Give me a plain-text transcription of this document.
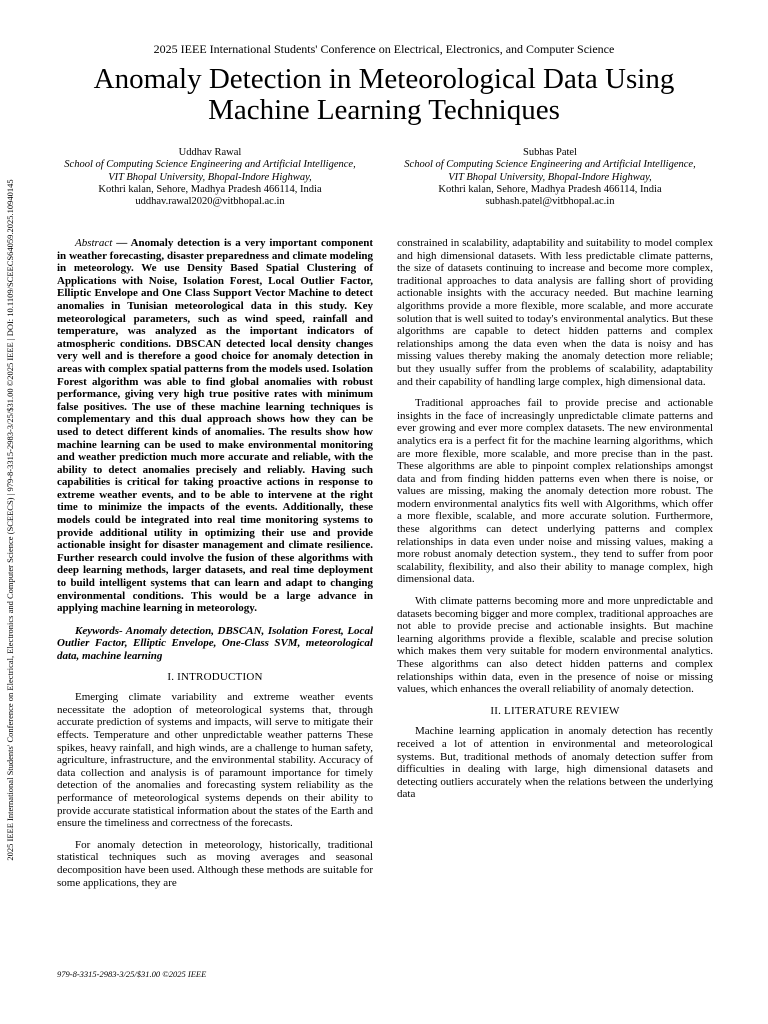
2025 IEEE International Students' Conference on Electrical, Electronics, and Computer Science
Anomaly Detection in Meteorological Data Using
Machine Learning Techniques
Uddhav Rawal
School of Computing Science Engineering and Artificial Intelligence,
VIT Bhopal University, Bhopal-Indore Highway,
Kothri kalan, Sehore, Madhya Pradesh 466114, India
uddhav.rawal2020@vitbhopal.ac.in
Subhas Patel
School of Computing Science Engineering and Artificial Intelligence,
VIT Bhopal University, Bhopal-Indore Highway,
Kothri kalan, Sehore, Madhya Pradesh 466114, India
subhash.patel@vitbhopal.ac.in
2025 IEEE International Students' Conference on Electrical, Electronics and Computer Science (SCEECS) | 979-8-3315-2983-3/25/$31.00 ©2025 IEEE | DOI: 10.1109/SCEECS64059.2025.10940145	Abstract — Anomaly detection is a very important component in weather forecasting, disaster preparedness and climate modeling in meteorology. We use Density Based Spatial Clustering of Applications with Noise, Isolation Forest, Local Outlier Factor, Elliptic Envelope and One Class Support Vector Machine to detect anomalies in Tunisian meteorological data in this study. Key meteorological parameters, such as wind speed, rainfall and temperature, was analyzed as the important indicators of atmospheric conditions. DBSCAN detected local density changes very well and is therefore a good choice for anomaly detection in areas with complex spatial patterns from the models used. Isolation Forest algorithm was able to find global anomalies with robust performance, giving very high true positive rates with minimum false positives. The use of these machine learning techniques is complementary and this dual approach shows how they can be used to detect different kinds of anomalies. The results show how machine learning can be used to make environmental monitoring and weather prediction much more accurate and reliable, with the ability to detect anomalies precisely and reliably. Having such capabilities is critical for taking proactive actions in response to extreme weather events, and to be able to intervene at the right time to minimize the impacts of the events. Additionally, these models could be integrated into real time monitoring systems to provide additional utility in optimizing their use and provide actionable insight for disaster management and climate resilience. Further research could involve the fusion of these algorithms with deep learning methods, larger datasets, and real time deployment to build intelligent systems that can learn and adapt to changing environmental conditions. This would be a large advance in applying machine learning in meteorology.

Keywords- Anomaly detection, DBSCAN, Isolation Forest, Local Outlier Factor, Elliptic Envelope, One-Class SVM, meteorological data, machine learning

I. INTRODUCTION

Emerging climate variability and extreme weather events necessitate the adoption of meteorological systems that, through accurate prediction of systems and impacts, will serve to mitigate their effects. Temperature and other unpredictable weather patterns These spikes, heavy rainfall, and high winds, are a challenge to human safety, agriculture, infrastructure, and the environmental stability. Accuracy of data collection and analysis is of paramount importance for timely detection of the anomalies and forecasting system reliability as the performance of meteorological systems depends on their ability to provide accurate statistical information about the states of the Earth and ensure the timeliness and correctness of the forecasts.

For anomaly detection in meteorology, historically, traditional statistical techniques such as moving averages and seasonal decomposition have been used. Although these methods are suitable for some applications, they are

constrained in scalability, adaptability and suitability to model complex and high dimensional datasets. With less predictable climate patterns, the size of datasets continuing to increase and become more complex, traditional approaches to data analysis are falling short of providing actionable insights with the accuracy needed. But machine learning algorithms provide a more flexible, more scalable, and more accurate solution that is well suited to today's environmental analytics. But these algorithms are capable to detect hidden patterns and complex relationships among the data even when the data is noisy and has missing values thereby making the anomaly detection more reliable; but they usually suffer from the problems of scalability, adaptability and their capability of handling large complex, high dimensional data.

Traditional approaches fail to provide precise and actionable insights in the face of increasingly unpredictable climate patterns and ever growing and ever more complex datasets. The new environmental analytics era is a perfect fit for the machine learning algorithms, which are more flexible, more scalable, and more precise than in the past. These algorithms are able to pinpoint complex relationships amongst data and from finding hidden patterns even when there is noise, or values are missing, making the anomaly detection more robust. The modern environmental analytics fits well with Algorithms, which offer a more flexible, scalable, and more accurate solution. Furthermore, these algorithms can detect underlying patterns and complex relationships in data even under noise and missing values, making a more robust anomaly detection system., they tend to suffer from poor scalability, flexibility, and also their ability to manage complex, high dimensional data.

With climate patterns becoming more and more unpredictable and datasets becoming bigger and more complex, traditional approaches are not able to provide precise and actionable insights. But machine learning algorithms provide a flexible, scalable and precise solution which makes them very suitable for modern environmental analytics. These algorithms can also detect hidden patterns and complex relationships within data, even in the presence of noise or missing values, which enhances the overall reliability of anomaly detection.

II. LITERATURE REVIEW

Machine learning application in anomaly detection has recently received a lot of attention in environmental and meteorological systems. But, traditional methods of anomaly detection suffer from difficulties in dealing with large, high dimensional datasets and detecting outliers accurately when the relations between the underlying data

979-8-3315-2983-3/25/$31.00 ©2025 IEEE
